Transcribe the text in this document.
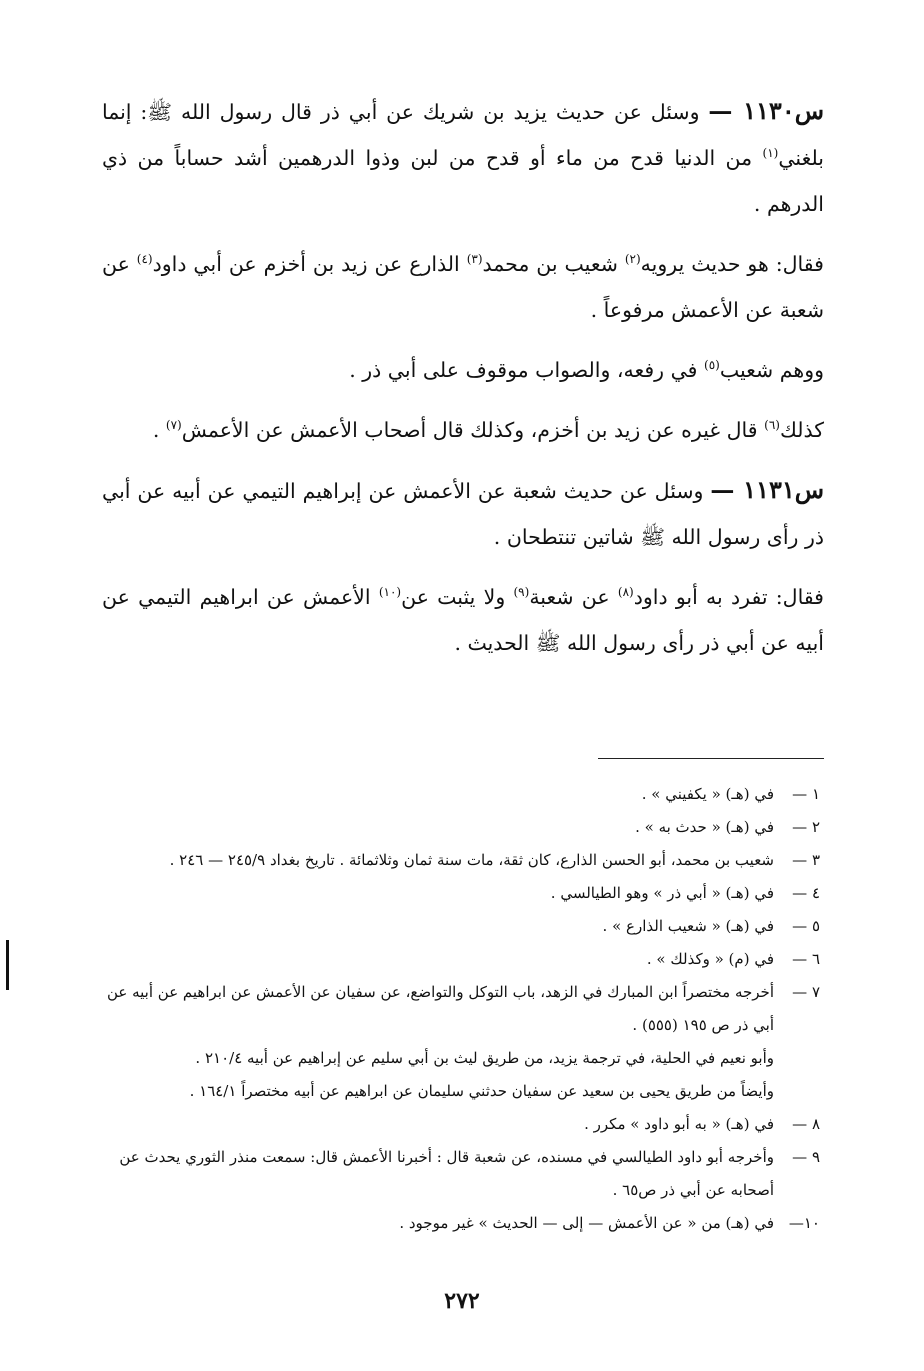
س١١٣٠ — وسئل عن حديث يزيد بن شريك عن أبي ذر قال رسول الله ﷺ: إنما بلغني$^{(١)}$ من الدنيا قدح من ماء أو قدح من لبن وذوا الدرهمين أشد حساباً من ذي الدرهم .

فقال: هو حديث يرويه$^{(٢)}$ شعيب بن محمد$^{(٣)}$ الذارع عن زيد بن أخزم عن أبي داود$^{(٤)}$ عن شعبة عن الأعمش مرفوعاً .

ووهم شعيب$^{(٥)}$ في رفعه، والصواب موقوف على أبي ذر .

كذلك$^{(٦)}$ قال غيره عن زيد بن أخزم، وكذلك قال أصحاب الأعمش عن الأعمش$^{(٧)}$ .

س١١٣١ — وسئل عن حديث شعبة عن الأعمش عن إبراهيم التيمي عن أبيه عن أبي ذر رأى رسول الله ﷺ شاتين تنتطحان .

فقال: تفرد به أبو داود$^{(٨)}$ عن شعبة$^{(٩)}$ ولا يثبت عن$^{(١٠)}$ الأعمش عن ابراهيم التيمي عن أبيه عن أبي ذر رأى رسول الله ﷺ الحديث .

١ —
في (هـ) « يكفيني » .
٢ —
في (هـ) « حدث به » .
٣ —
شعيب بن محمد، أبو الحسن الذارع، كان ثقة، مات سنة ثمان وثلاثمائة . تاريخ بغداد ٢٤٥/٩ — ٢٤٦ .
٤ —
في (هـ) « أبي ذر » وهو الطيالسي .
٥ —
في (هـ) « شعيب الذارع » .
٦ —
في (م) « وكذلك » .
٧ —
أخرجه مختصراً ابن المبارك في الزهد، باب التوكل والتواضع، عن سفيان عن الأعمش عن ابراهيم عن أبيه عن أبي ذر ص ١٩٥ (٥٥٥) .
وأبو نعيم في الحلية، في ترجمة يزيد، من طريق ليث بن أبي سليم عن إبراهيم عن أبيه ٢١٠/٤ .
وأيضاً من طريق يحيى بن سعيد عن سفيان حدثني سليمان عن ابراهيم عن أبيه مختصراً ١٦٤/١ .
٨ —
في (هـ) « به أبو داود » مكرر .
٩ —
وأخرجه أبو داود الطيالسي في مسنده، عن شعبة قال : أخبرنا الأعمش قال: سمعت منذر الثوري يحدث عن أصحابه عن أبي ذر ص٦٥ .
١٠—
في (هـ) من « عن الأعمش — إلى — الحديث » غير موجود .
٢٧٢
